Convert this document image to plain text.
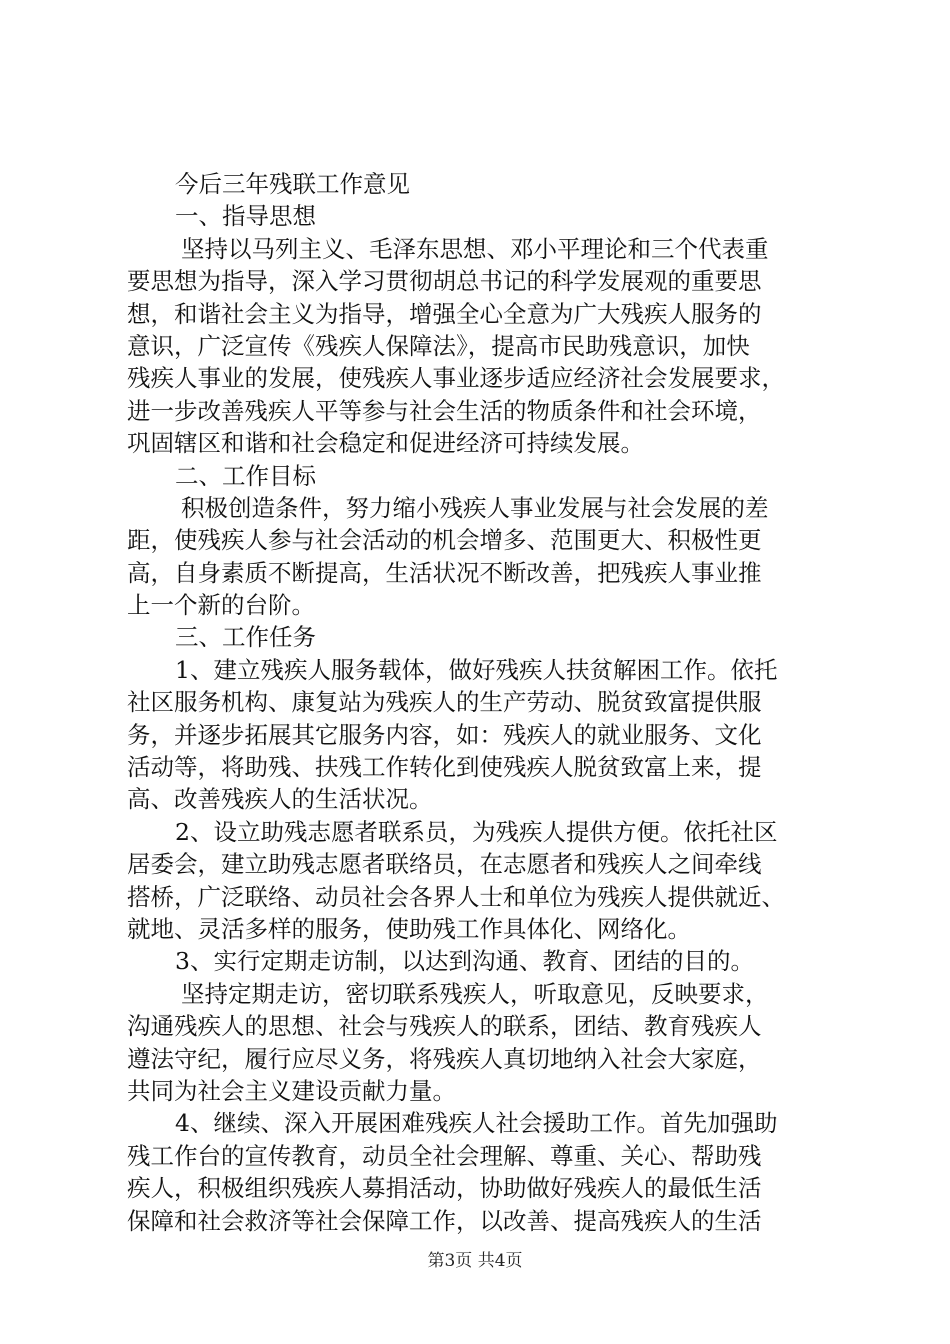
今后三年残联工作意见
一、指导思想
坚持以马列主义、毛泽东思想、邓小平理论和三个代表重
要思想为指导，深入学习贯彻胡总书记的科学发展观的重要思
想，和谐社会主义为指导，增强全心全意为广大残疾人服务的
意识，广泛宣传《残疾人保障法》，提高市民助残意识，加快
残疾人事业的发展，使残疾人事业逐步适应经济社会发展要求，
进一步改善残疾人平等参与社会生活的物质条件和社会环境，
巩固辖区和谐和社会稳定和促进经济可持续发展。
二、工作目标
积极创造条件，努力缩小残疾人事业发展与社会发展的差
距，使残疾人参与社会活动的机会增多、范围更大、积极性更
高，自身素质不断提高，生活状况不断改善，把残疾人事业推
上一个新的台阶。
三、工作任务
1、建立残疾人服务载体，做好残疾人扶贫解困工作。依托
社区服务机构、康复站为残疾人的生产劳动、脱贫致富提供服
务，并逐步拓展其它服务内容，如：残疾人的就业服务、文化
活动等，将助残、扶残工作转化到使残疾人脱贫致富上来，提
高、改善残疾人的生活状况。
2、设立助残志愿者联系员，为残疾人提供方便。依托社区
居委会，建立助残志愿者联络员，在志愿者和残疾人之间牵线
搭桥，广泛联络、动员社会各界人士和单位为残疾人提供就近、
就地、灵活多样的服务，使助残工作具体化、网络化。
3、实行定期走访制，以达到沟通、教育、团结的目的。
坚持定期走访，密切联系残疾人，听取意见，反映要求，
沟通残疾人的思想、社会与残疾人的联系，团结、教育残疾人
遵法守纪，履行应尽义务，将残疾人真切地纳入社会大家庭，
共同为社会主义建设贡献力量。
4、继续、深入开展困难残疾人社会援助工作。首先加强助
残工作台的宣传教育，动员全社会理解、尊重、关心、帮助残
疾人，积极组织残疾人募捐活动，协助做好残疾人的最低生活
保障和社会救济等社会保障工作，以改善、提高残疾人的生活
第3页 共4页
